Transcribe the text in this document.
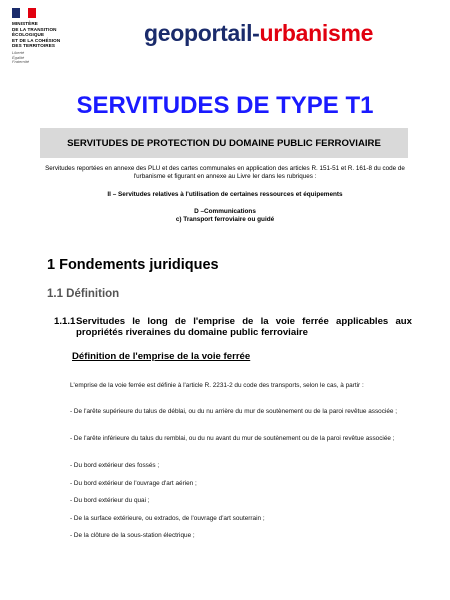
MINISTÈRE
DE LA TRANSITION
ÉCOLOGIQUE
ET DE LA COHÉSION
DES TERRITOIRES
Liberté
Égalité
Fraternité
geoportail-urbanisme
SERVITUDES DE TYPE T1
SERVITUDES DE PROTECTION DU DOMAINE PUBLIC FERROVIAIRE
Servitudes reportées en annexe des PLU et des cartes communales en application des articles R. 151-51 et R. 161-8 du code de l'urbanisme et figurant en annexe au Livre Ier dans les rubriques :
II – Servitudes relatives à l'utilisation de certaines ressources et équipements
D –Communications
c) Transport ferroviaire ou guidé
1 Fondements juridiques
1.1 Définition
1.1.1 Servitudes le long de l'emprise de la voie ferrée applicables aux propriétés riveraines du domaine public ferroviaire
Définition de l'emprise de la voie ferrée
L'emprise de la voie ferrée est définie à l'article R. 2231-2 du code des transports, selon le cas, à partir :
- De l'arête supérieure du talus de déblai, ou du nu arrière du mur de soutènement ou de la paroi revêtue associée ;
- De l'arête inférieure du talus du remblai, ou du nu avant du mur de soutènement ou de la paroi revêtue associée ;
- Du bord extérieur des fossés ;
- Du bord extérieur de l'ouvrage d'art aérien ;
- Du bord extérieur du quai ;
- De la surface extérieure, ou extrados, de l'ouvrage d'art souterrain ;
- De la clôture de la sous-station électrique ;
